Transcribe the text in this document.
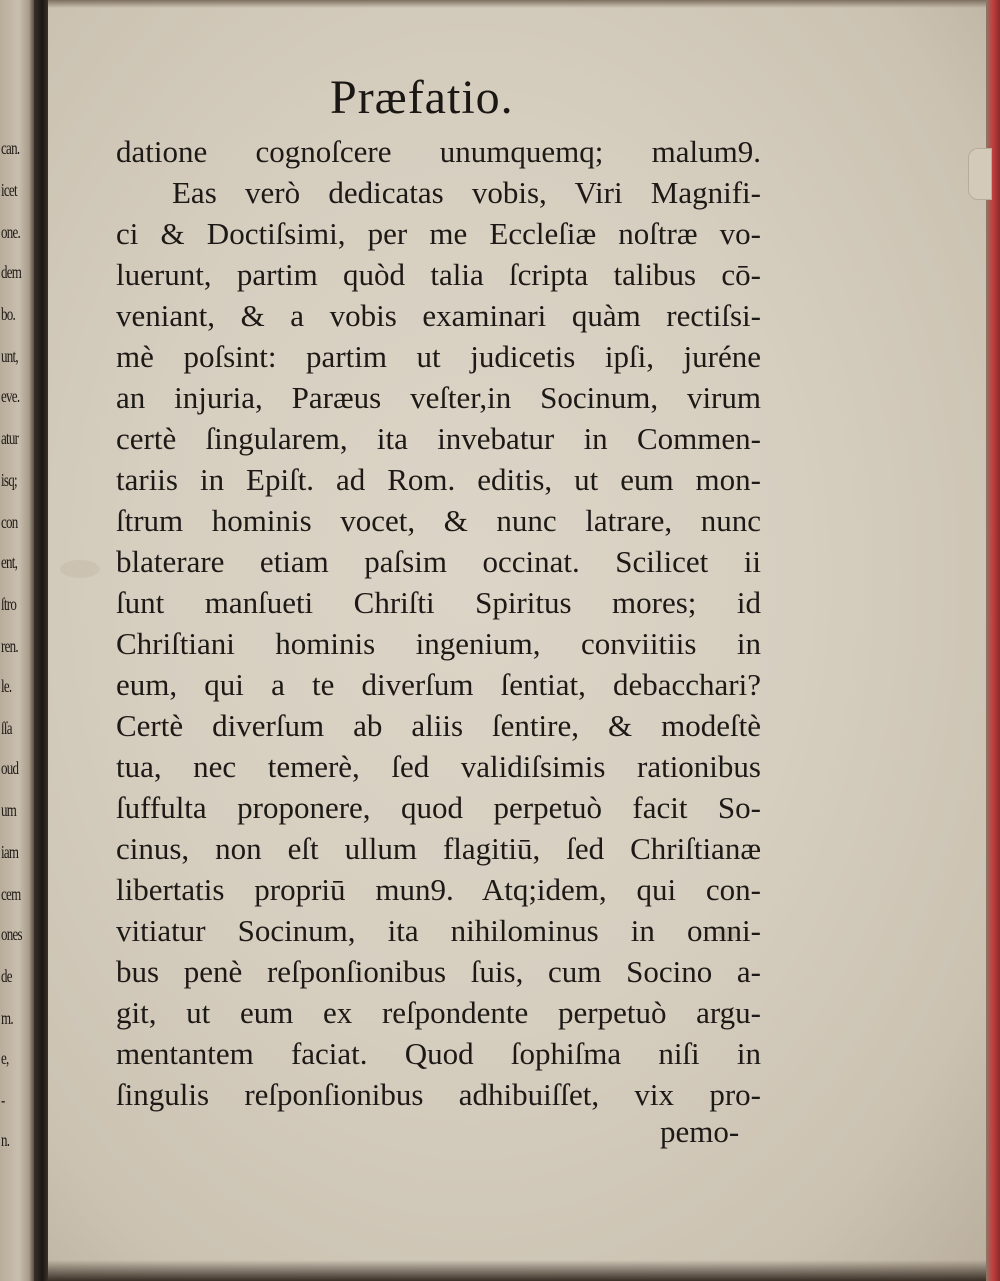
can.
icet
one.
dem
bo.
unt,
eve.
atur
isq;
con
ent,
ſtro
ren.
le.
ſſa
oud
um
iam
cem
ones
de
m.
e,
-
n.
Præfatio.
datione cognoſcere unumquemq; malum9.
Eas verò dedicatas vobis, Viri Magnifi-
ci & Doctiſsimi, per me Eccleſiæ noſtræ vo-
luerunt, partim quòd talia ſcripta talibus cō-
veniant, & a vobis examinari quàm rectiſsi-
mè poſsint: partim ut judicetis ipſi, juréne
an injuria, Paræus veſter,in Socinum, virum
certè ſingularem, ita invebatur in Commen-
tariis in Epiſt. ad Rom. editis, ut eum mon-
ſtrum hominis vocet, & nunc latrare, nunc
blaterare etiam paſsim occinat. Scilicet ii
ſunt manſueti Chriſti Spiritus mores; id
Chriſtiani hominis ingenium, conviitiis in
eum, qui a te diverſum ſentiat, debacchari?
Certè diverſum ab aliis ſentire, & modeſtè
tua, nec temerè, ſed validiſsimis rationibus
ſuffulta proponere, quod perpetuò facit So-
cinus, non eſt ullum flagitiū, ſed Chriſtianæ
libertatis propriū mun9. Atq;idem, qui con-
vitiatur Socinum, ita nihilominus in omni-
bus penè reſponſionibus ſuis, cum Socino a-
git, ut eum ex reſpondente perpetuò argu-
mentantem faciat. Quod ſophiſma niſi in
ſingulis reſponſionibus adhibuiſſet, vix pro-
pemo-
